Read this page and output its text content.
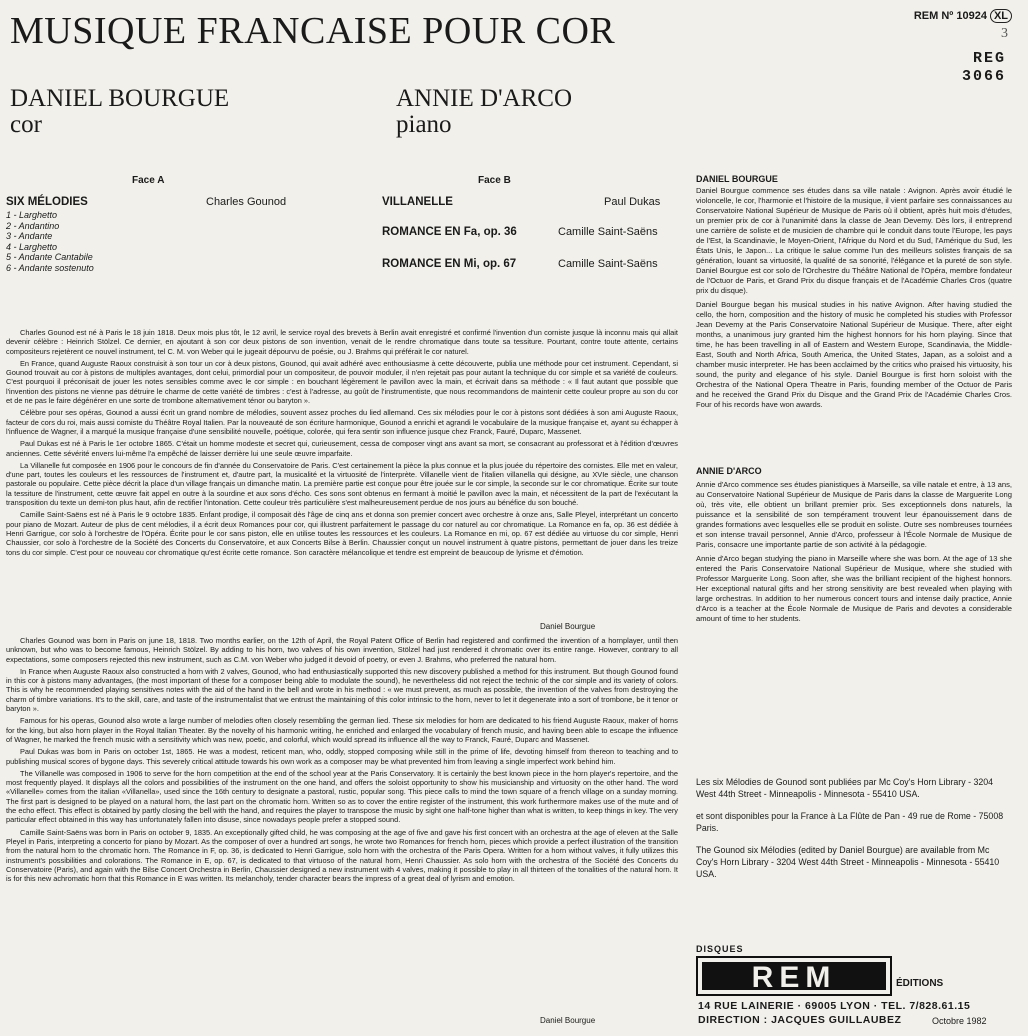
MUSIQUE FRANCAISE POUR COR	REM Nº 10924 XL
3
REG
3066
DANIEL BOURGUE
cor
ANNIE D'ARCO
piano
Face A	Face B
SIX MÉLODIES	Charles Gounod
1 - Larghetto
2 - Andantino
3 - Andante
4 - Larghetto
5 - Andante Cantabile
6 - Andante sostenuto
VILLANELLE	Paul Dukas
ROMANCE EN Fa, op. 36	Camille Saint-Saëns
ROMANCE EN Mi, op. 67	Camille Saint-Saëns

Charles Gounod est né à Paris le 18 juin 1818. Deux mois plus tôt, le 12 avril, le service royal des brevets à Berlin avait enregistré et confirmé l'invention d'un corniste jusque là inconnu mais qui allait devenir célèbre : Heinrich Stölzel. Ce dernier, en ajoutant à son cor deux pistons de son invention, venait de le rendre chromatique dans toute sa tessiture. Pourtant, contre toute attente, certains compositeurs rejetèrent ce nouvel instrument, tel C. M. von Weber qui le jugeait dépourvu de poésie, ou J. Brahms qui préférait le cor naturel.

En France, quand Auguste Raoux construisit à son tour un cor à deux pistons, Gounod, qui avait adhéré avec enthousiasme à cette découverte, publia une méthode pour cet instrument. Cependant, si Gounod trouvait au cor à pistons de multiples avantages, dont celui, primordial pour un compositeur, de pouvoir moduler, il n'en rejetait pas pour autant la technique du cor simple et sa variété de couleurs. C'est pourquoi il préconisait de jouer les notes sensibles comme avec le cor simple : en bouchant légèrement le pavillon avec la main, et écrivait dans sa méthode : « Il faut autant que possible que l'invention des pistons ne vienne pas détruire le charme de cette variété de timbres : c'est à l'adresse, au goût de l'instrumentiste, que nous recommandons de maintenir cette couleur propre au son du cor et de ne pas le faire dégénérer en une sorte de trombone alternativement ténor ou baryton ».

Célèbre pour ses opéras, Gounod a aussi écrit un grand nombre de mélodies, souvent assez proches du lied allemand. Ces six mélodies pour le cor à pistons sont dédiées à son ami Auguste Raoux, facteur de cors du roi, mais aussi corniste du Théâtre Royal Italien. Par la nouveauté de son écriture harmonique, Gounod a enrichi et agrandi le vocabulaire de la musique française et, ayant su échapper à l'influence de Wagner, il a marqué la musique française d'une sensibilité nouvelle, poétique, colorée, qui fera sentir son influence jusque chez Franck, Fauré, Duparc, Massenet.

Paul Dukas est né à Paris le 1er octobre 1865. C'était un homme modeste et secret qui, curieusement, cessa de composer vingt ans avant sa mort, se consacrant au professorat et à l'édition d'œuvres anciennes. Cette sévérité envers lui-même l'a empêché de laisser derrière lui une seule œuvre imparfaite.

La Villanelle fut composée en 1906 pour le concours de fin d'année du Conservatoire de Paris. C'est certainement la pièce la plus connue et la plus jouée du répertoire des cornistes. Elle met en valeur, d'une part, toutes les couleurs et les ressources de l'instrument et, d'autre part, la musicalité et la virtuosité de l'interprète. Villanelle vient de l'italien villanella qui désigne, au XVIe siècle, une chanson pastorale ou populaire. Cette pièce décrit la place d'un village français un dimanche matin. La première partie est conçue pour être jouée sur le cor simple, la seconde sur le cor chromatique. Écrite sur toute la tessiture de l'instrument, cette œuvre fait appel en outre à la sourdine et aux sons d'écho. Ces sons sont obtenus en fermant à moitié le pavillon avec la main, et nécessitent de la part de l'exécutant la transposition du texte un demi-ton plus haut, afin de rectifier l'intonation. Cette couleur très particulière s'est malheureusement perdue de nos jours au bénéfice du son bouché.

Camille Saint-Saëns est né à Paris le 9 octobre 1835. Enfant prodige, il composait dès l'âge de cinq ans et donna son premier concert avec orchestre à onze ans, Salle Pleyel, interprétant un concerto pour piano de Mozart. Auteur de plus de cent mélodies, il a écrit deux Romances pour cor, qui illustrent parfaitement le passage du cor naturel au cor chromatique. La Romance en fa, op. 36 est dédiée à Henri Garrigue, cor solo à l'orchestre de l'Opéra. Écrite pour le cor sans piston, elle en utilise toutes les ressources et les couleurs. La Romance en mi, op. 67 est dédiée au virtuose du cor simple, Henri Chaussier, cor solo à l'orchestre de la Société des Concerts du Conservatoire, et aux Concerts Bilse à Berlin. Chaussier conçut un nouvel instrument à quatre pistons, permettant de jouer dans les treize tons du cor simple. C'est pour ce nouveau cor chromatique qu'est écrite cette romance. Son caractère mélancolique et tendre est empreint de beaucoup de lyrisme et d'émotion.

Daniel Bourgue

Charles Gounod was born in Paris on june 18, 1818. Two months earlier, on the 12th of April, the Royal Patent Office of Berlin had registered and confirmed the invention of a hornplayer, until then unknown, but who was to become famous, Heinrich Stölzel. By adding to his horn, two valves of his own invention, Stölzel had just rendered it chromatic over its entire range. However, contrary to all expectations, some composers rejected this new instrument, such as C.M. von Weber who judged it devoid of poetry, or even J. Brahms, who preferred the natural horn.

In France when Auguste Raoux also constructed a horn with 2 valves, Gounod, who had enthusiastically supported this new discovery published a method for this instrument. But though Gounod found in this cor à pistons many advantages, (the most important of these for a composer being able to modulate the sound), he nevertheless did not reject the technic of the cor simple and its variety of colors. This is why he recommended playing sensitives notes with the aid of the hand in the bell and wrote in his method : « we must prevent, as much as possible, the invention of the valves from destroying the charm of timbre variations. It's to the skill, care, and taste of the instrumentalist that we entrust the maintaining of this color intrinsic to the horn, never to let it degenerate into a sort of trombone, be it tenor or baryton ».

Famous for his operas, Gounod also wrote a large number of melodies often closely resembling the german lied. These six melodies for horn are dedicated to his friend Auguste Raoux, maker of horns for the king, but also horn player in the Royal Italian Theater. By the novelty of his harmonic writing, he enriched and enlarged the vocabulary of french music, and having been able to escape the influence of Wagner, he marked the french music with a sensitivity which was new, poetic, and colorful, which would spread its influence all the way to Franck, Fauré, Duparc and Massenet.

Paul Dukas was born in Paris on october 1st, 1865. He was a modest, reticent man, who, oddly, stopped composing while still in the prime of life, devoting himself from thereon to teaching and to publishing musical scores of bygone days. This severely critical attitude towards his own work as a composer may be what prevented him from leaving a single imperfect work behind him.

The Villanelle was composed in 1906 to serve for the horn competition at the end of the school year at the Paris Conservatory. It is certainly the best known piece in the horn player's repertoire, and the most frequently played. It displays all the colors and possibilities of the instrument on the one hand, and offers the soloist opportunity to show his musicianship and virtuosity on the other hand. The word «Villanelle» comes from the italian «Villanella», used since the 16th century to designate a pastoral, rustic, popular song. This piece calls to mind the town square of a french village on a sunday morning. The first part is designed to be played on a natural horn, the last part on the chromatic horn. Written so as to cover the entire register of the instrument, this work furthermore makes use of the mute and of the echo effect. This effect is obtained by partly closing the bell with the hand, and requires the player to transpose the music by sight one half-tone higher than what is written, to keep things in key. The very particular effect obtained in this way has unfortunately fallen into disuse, since nowadays people prefer a stopped sound.

Camille Saint-Saëns was born in Paris on october 9, 1835. An exceptionally gifted child, he was composing at the age of five and gave his first concert with an orchestra at the age of eleven at the Salle Pleyel in Paris, interpreting a concerto for piano by Mozart. As the composer of over a hundred art songs, he wrote two Romances for french horn, pieces which provide a perfect illustration of the transition from the natural horn to the chromatic horn. The Romance in F, op. 36, is dedicated to Henri Garrigue, solo horn with the orchestra of the Paris Opera. Written for a horn without valves, it fully utilizes this instrument's possibilities and colorations. The Romance in E, op. 67, is dedicated to that virtuoso of the natural horn, Henri Chaussier. As solo horn with the orchestra of the Société des Concerts du Conservatoire (Paris), and again with the Bilse Concert Orchestra in Berlin, Chaussier designed a new instrument with 4 valves, making it possible to play in all thirteen of the tonalities of the natural horn. It is for this new achromatic horn that this Romance in E was written. Its melancholy, tender character bears the impress of a great deal of lyrism and emotion.

Daniel Bourgue
DANIEL BOURGUE

Daniel Bourgue commence ses études dans sa ville natale : Avignon. Après avoir étudié le violoncelle, le cor, l'harmonie et l'histoire de la musique, il vient parfaire ses connaissances au Conservatoire National Supérieur de Musique de Paris où il obtient, après huit mois d'études, un premier prix de cor à l'unanimité dans la classe de Jean Devemy. Dès lors, il entreprend une carrière de soliste et de musicien de chambre qui le conduit dans toute l'Europe, les pays de l'Est, la Scandinavie, le Moyen-Orient, l'Afrique du Nord et du Sud, l'Amérique du Sud, les États Unis, le Japon... La critique le salue comme l'un des meilleurs solistes français de sa génération, louant sa virtuosité, la qualité de sa sonorité, l'élégance et la pureté de son style. Daniel Bourgue est cor solo de l'Orchestre du Théâtre National de l'Opéra, membre fondateur de l'Octuor de Paris, et Grand Prix du disque français et de l'Académie Charles Cros (quatre prix du disque).

Daniel Bourgue began his musical studies in his native Avignon. After having studied the cello, the horn, composition and the history of music he completed his studies with Professor Jean Devemy at the Paris Conservatoire National Supérieur de Musique. There, after eight months, a unanimous jury granted him the highest honnors for his horn playing. Since that time, he has been travelling in all of Eastern and Western Europe, Scandinavia, the Middle-East, South and North Africa, South America, the United States, Japan, as a soloist and a chamber music interpreter. He has been acclaimed by the critics who praised his virtuosity, his sound, the purity and elegance of his style. Daniel Bourgue is first horn soloist with the Orchestra of the National Opera Theatre in Paris, founding member of the Octuor de Paris and he received the Grand Prix du Disque and the Grand Prix de l'Académie Charles Cros. Four of his records have won awards.

ANNIE D'ARCO

Annie d'Arco commence ses études pianistiques à Marseille, sa ville natale et entre, à 13 ans, au Conservatoire National Supérieur de Musique de Paris dans la classe de Marguerite Long où, très vite, elle obtient un brillant premier prix. Ses exceptionnels dons naturels, la puissance et la sensibilité de son tempérament trouvent leur épanouissement dans de grandes formations avec lesquelles elle se produit en soliste. Outre ses nombreuses tournées et son intense travail personnel, Annie d'Arco, professeur à l'École Normale de Musique de Paris, consacre une importante partie de son activité à la pédagogie.

Annie d'Arco began studying the piano in Marseille where she was born. At the age of 13 she entered the Paris Conservatoire National Supérieur de Musique, where she studied with Professor Marguerite Long. Soon after, she was the brilliant recipient of the highest honnors. Her exceptional natural gifts and her strong sensitivity are best revealed when playing with large orchestras. In addition to her numerous concert tours and intense daily practice, Annie d'Arco is a teacher at the École Normale de Musique de Paris and devotes a considerable amount of time to her students.

Les six Mélodies de Gounod sont publiées par Mc Coy's Horn Library - 3204 West 44th Street - Minneapolis - Minnesota - 55410 USA.

et sont disponibles pour la France à La Flûte de Pan - 49 rue de Rome - 75008 Paris.

The Gounod six Mélodies (edited by Daniel Bourgue) are available from Mc Coy's Horn Library - 3204 West 44th Street - Minneapolis - Minnesota - 55410 USA.

DISQUES
REM	ÉDITIONS
14 RUE LAINERIE · 69005 LYON · TEL. 7/828.61.15
DIRECTION : JACQUES GUILLAUBEZ	Octobre 1982
